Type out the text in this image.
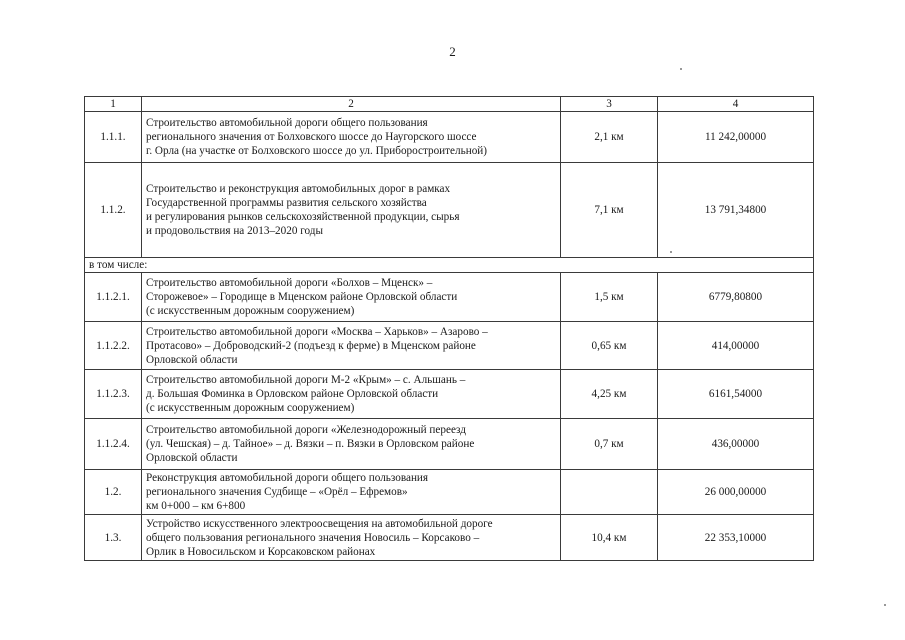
2
1	2	3	4
1.1.1.	Строительство автомобильной дороги общего пользования
регионального значения от Болховского шоссе до Наугорского шоссе
г. Орла (на участке от Болховского шоссе до ул. Приборостроительной)	2,1 км	11 242,00000
1.1.2.	Строительство и реконструкция автомобильных дорог в рамках
Государственной программы развития сельского хозяйства
и регулирования рынков сельскохозяйственной продукции, сырья
и продовольствия на 2013–2020 годы	7,1 км	13 791,34800
в том числе:			
1.1.2.1.	Строительство автомобильной дороги «Болхов – Мценск» –
Сторожевое» – Городище в Мценском районе Орловской области
(с искусственным дорожным сооружением)	1,5 км	6779,80800
1.1.2.2.	Строительство автомобильной дороги «Москва – Харьков» – Азарово –
Протасово» – Доброводский-2 (подъезд к ферме) в Мценском районе
Орловской области	0,65 км	414,00000
1.1.2.3.	Строительство автомобильной дороги М-2 «Крым» – с. Альшань –
д. Большая Фоминка в Орловском районе Орловской области
(с искусственным дорожным сооружением)	4,25 км	6161,54000
1.1.2.4.	Строительство автомобильной дороги «Железнодорожный переезд
(ул. Чешская) – д. Тайное» – д. Вязки – п. Вязки в Орловском районе
Орловской области	0,7 км	436,00000
1.2.	Реконструкция автомобильной дороги общего пользования
регионального значения Судбище – «Орёл – Ефремов»
км 0+000 – км 6+800		26 000,00000
1.3.	Устройство искусственного электроосвещения на автомобильной дороге
общего пользования регионального значения Новосиль – Корсаково –
Орлик в Новосильском и Корсаковском районах	10,4 км	22 353,10000
